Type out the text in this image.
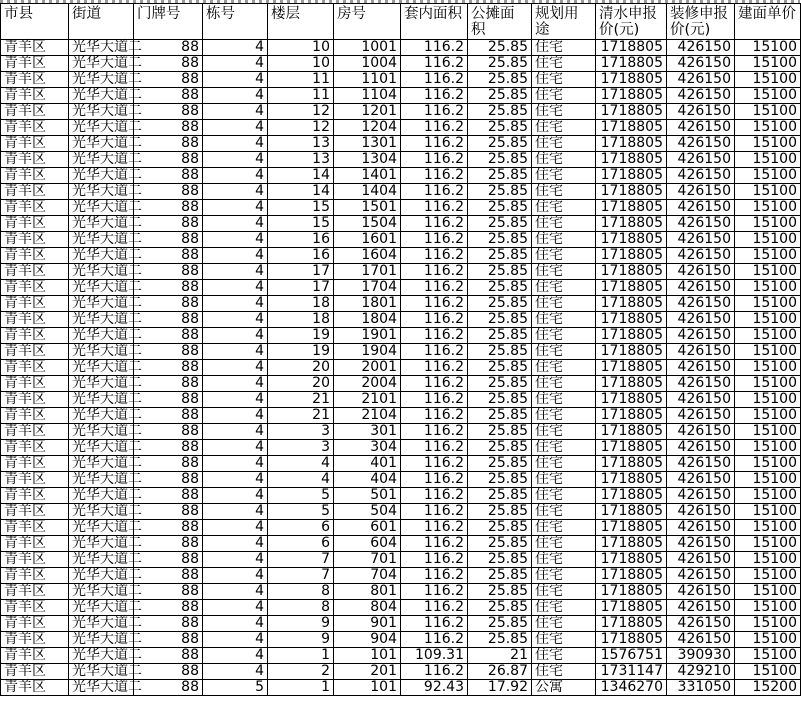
市县	街道	门牌号	栋号	楼层	房号	套内面积	公摊面积	规划用途	清水申报价(元)	装修申报价(元)	建面单价
青羊区	光华大道二	88	4	10	1001	116.2	25.85	住宅	1718805	426150	15100
青羊区	光华大道二	88	4	10	1004	116.2	25.85	住宅	1718805	426150	15100
青羊区	光华大道二	88	4	11	1101	116.2	25.85	住宅	1718805	426150	15100
青羊区	光华大道二	88	4	11	1104	116.2	25.85	住宅	1718805	426150	15100
青羊区	光华大道二	88	4	12	1201	116.2	25.85	住宅	1718805	426150	15100
青羊区	光华大道二	88	4	12	1204	116.2	25.85	住宅	1718805	426150	15100
青羊区	光华大道二	88	4	13	1301	116.2	25.85	住宅	1718805	426150	15100
青羊区	光华大道二	88	4	13	1304	116.2	25.85	住宅	1718805	426150	15100
青羊区	光华大道二	88	4	14	1401	116.2	25.85	住宅	1718805	426150	15100
青羊区	光华大道二	88	4	14	1404	116.2	25.85	住宅	1718805	426150	15100
青羊区	光华大道二	88	4	15	1501	116.2	25.85	住宅	1718805	426150	15100
青羊区	光华大道二	88	4	15	1504	116.2	25.85	住宅	1718805	426150	15100
青羊区	光华大道二	88	4	16	1601	116.2	25.85	住宅	1718805	426150	15100
青羊区	光华大道二	88	4	16	1604	116.2	25.85	住宅	1718805	426150	15100
青羊区	光华大道二	88	4	17	1701	116.2	25.85	住宅	1718805	426150	15100
青羊区	光华大道二	88	4	17	1704	116.2	25.85	住宅	1718805	426150	15100
青羊区	光华大道二	88	4	18	1801	116.2	25.85	住宅	1718805	426150	15100
青羊区	光华大道二	88	4	18	1804	116.2	25.85	住宅	1718805	426150	15100
青羊区	光华大道二	88	4	19	1901	116.2	25.85	住宅	1718805	426150	15100
青羊区	光华大道二	88	4	19	1904	116.2	25.85	住宅	1718805	426150	15100
青羊区	光华大道二	88	4	20	2001	116.2	25.85	住宅	1718805	426150	15100
青羊区	光华大道二	88	4	20	2004	116.2	25.85	住宅	1718805	426150	15100
青羊区	光华大道二	88	4	21	2101	116.2	25.85	住宅	1718805	426150	15100
青羊区	光华大道二	88	4	21	2104	116.2	25.85	住宅	1718805	426150	15100
青羊区	光华大道二	88	4	3	301	116.2	25.85	住宅	1718805	426150	15100
青羊区	光华大道二	88	4	3	304	116.2	25.85	住宅	1718805	426150	15100
青羊区	光华大道二	88	4	4	401	116.2	25.85	住宅	1718805	426150	15100
青羊区	光华大道二	88	4	4	404	116.2	25.85	住宅	1718805	426150	15100
青羊区	光华大道二	88	4	5	501	116.2	25.85	住宅	1718805	426150	15100
青羊区	光华大道二	88	4	5	504	116.2	25.85	住宅	1718805	426150	15100
青羊区	光华大道二	88	4	6	601	116.2	25.85	住宅	1718805	426150	15100
青羊区	光华大道二	88	4	6	604	116.2	25.85	住宅	1718805	426150	15100
青羊区	光华大道二	88	4	7	701	116.2	25.85	住宅	1718805	426150	15100
青羊区	光华大道二	88	4	7	704	116.2	25.85	住宅	1718805	426150	15100
青羊区	光华大道二	88	4	8	801	116.2	25.85	住宅	1718805	426150	15100
青羊区	光华大道二	88	4	8	804	116.2	25.85	住宅	1718805	426150	15100
青羊区	光华大道二	88	4	9	901	116.2	25.85	住宅	1718805	426150	15100
青羊区	光华大道二	88	4	9	904	116.2	25.85	住宅	1718805	426150	15100
青羊区	光华大道二	88	4	1	101	109.31	21	住宅	1576751	390930	15100
青羊区	光华大道二	88	4	2	201	116.2	26.87	住宅	1731147	429210	15100
青羊区	光华大道二	88	5	1	101	92.43	17.92	公寓	1346270	331050	15200
